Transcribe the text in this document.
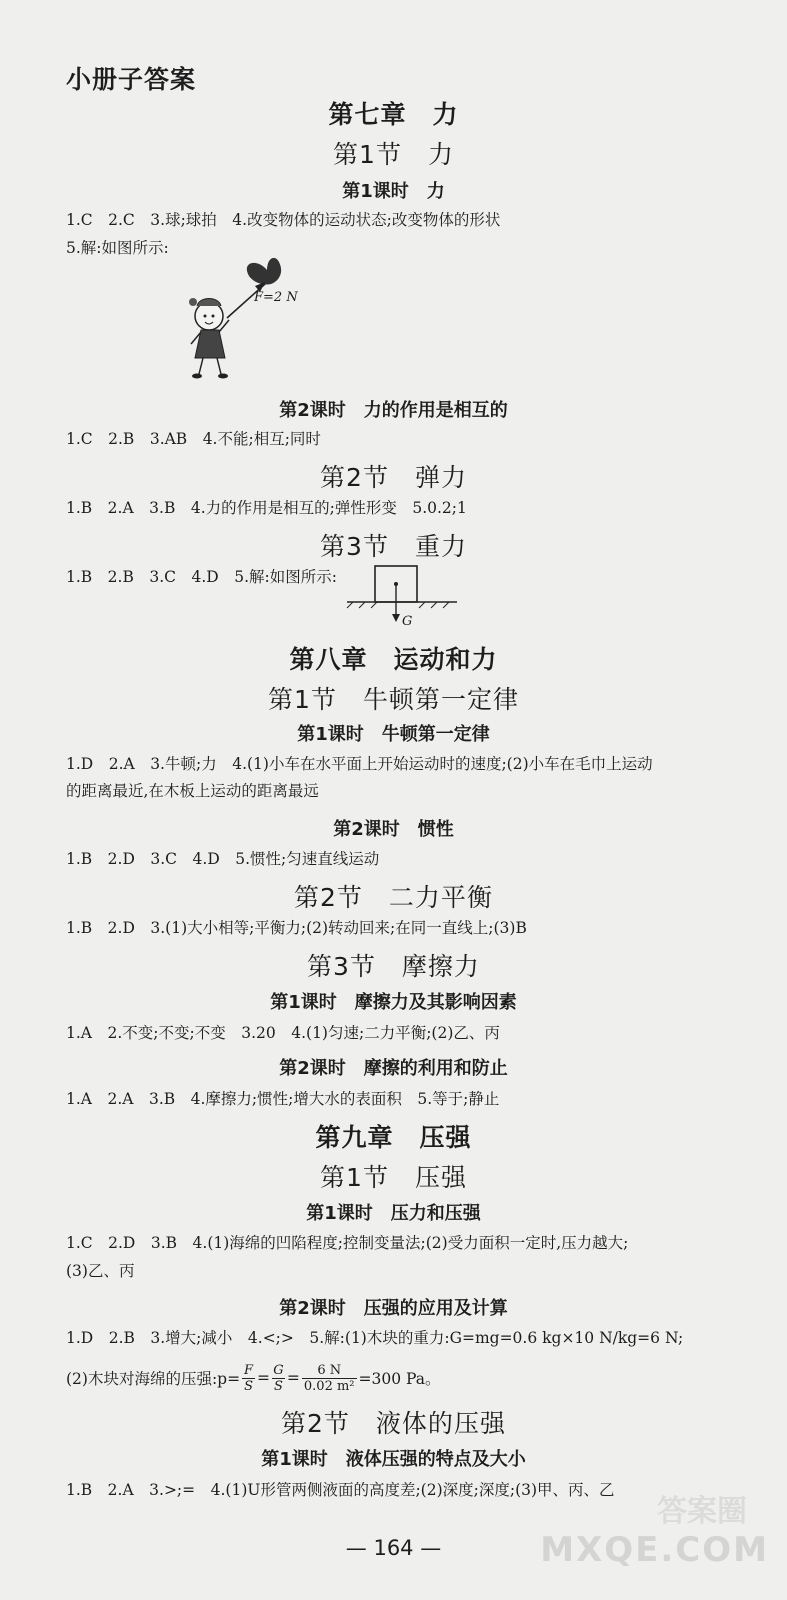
小册子答案
第七章　力
第1节　力
第1课时　力
1.C　2.C　3.球;球拍　4.改变物体的运动状态;改变物体的形状
5.解:如图所示:
F=2 N
第2课时　力的作用是相互的
1.C　2.B　3.AB　4.不能;相互;同时
第2节　弹力
1.B　2.A　3.B　4.力的作用是相互的;弹性形变　5.0.2;1
第3节　重力
1.B　2.B　3.C　4.D　5.解:如图所示:
G
第八章　运动和力
第1节　牛顿第一定律
第1课时　牛顿第一定律
1.D　2.A　3.牛顿;力　4.(1)小车在水平面上开始运动时的速度;(2)小车在毛巾上运动
的距离最近,在木板上运动的距离最远
第2课时　惯性
1.B　2.D　3.C　4.D　5.惯性;匀速直线运动
第2节　二力平衡
1.B　2.D　3.(1)大小相等;平衡力;(2)转动回来;在同一直线上;(3)B
第3节　摩擦力
第1课时　摩擦力及其影响因素
1.A　2.不变;不变;不变　3.20　4.(1)匀速;二力平衡;(2)乙、丙
第2课时　摩擦的利用和防止
1.A　2.A　3.B　4.摩擦力;惯性;增大水的表面积　5.等于;静止
第九章　压强
第1节　压强
第1课时　压力和压强
1.C　2.D　3.B　4.(1)海绵的凹陷程度;控制变量法;(2)受力面积一定时,压力越大;
(3)乙、丙
第2课时　压强的应用及计算
1.D　2.B　3.增大;减小　4.<;>　5.解:(1)木块的重力:G=mg=0.6 kg×10 N/kg=6 N;
(2)木块对海绵的压强:p= $\frac{F}{S} = \frac{G}{S} = \frac{6 N}{\text{0.02 m²}} =300$ Pa。
第2节　液体的压强
第1课时　液体压强的特点及大小
1.B　2.A　3.>;=　4.(1)U形管两侧液面的高度差;(2)深度;深度;(3)甲、丙、乙
— 164 —
答案圈
MXQE.COM
